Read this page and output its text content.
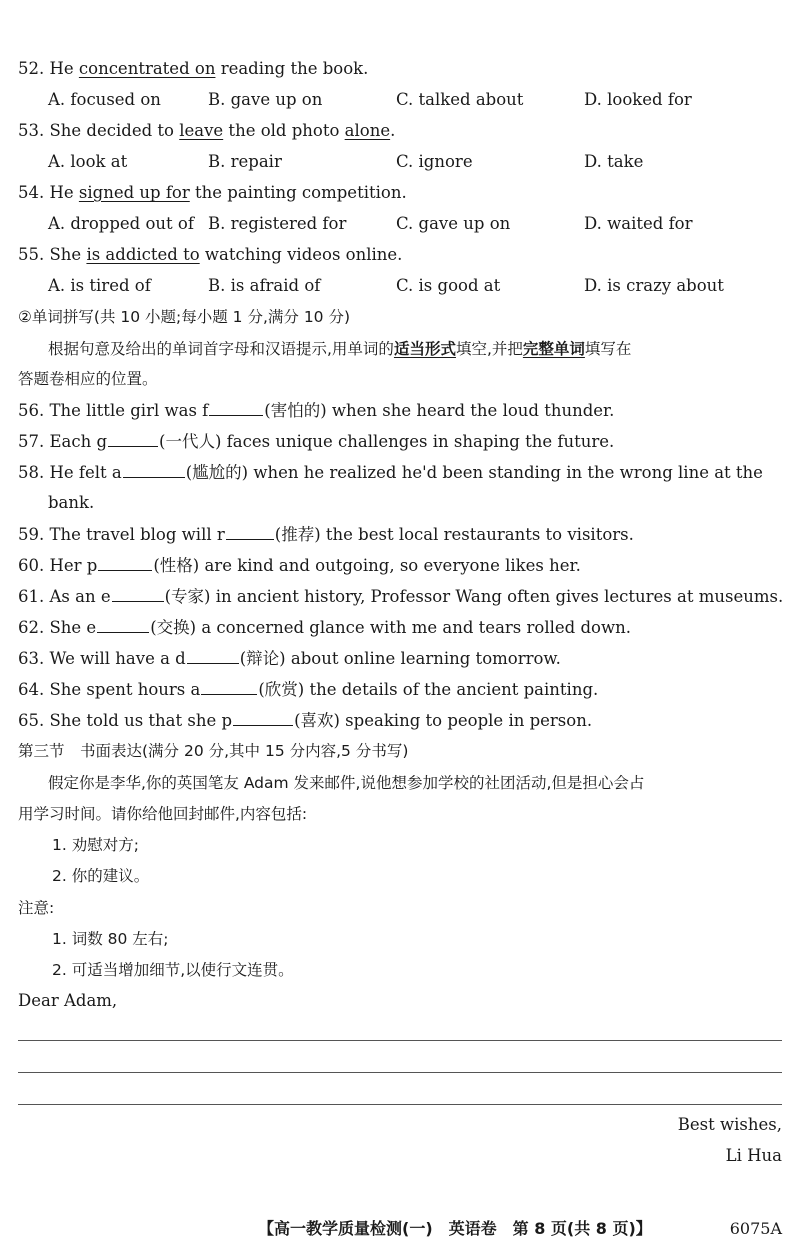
52. He concentrated on reading the book.
A. focused on	B. gave up on	C. talked about	D. looked for
53. She decided to leave the old photo alone.
A. look at	B. repair	C. ignore	D. take
54. He signed up for the painting competition.
A. dropped out of B. registered for	C. gave up on	D. waited for
55. She is addicted to watching videos online.
A. is tired of	B. is afraid of	C. is good at	D. is crazy about
②单词拼写(共 10 小题;每小题 1 分,满分 10 分)
根据句意及给出的单词首字母和汉语提示,用单词的适当形式填空,并把完整单词填写在
答题卷相应的位置。
56. The little girl was f	(害怕的) when she heard the loud thunder.
57. Each g	(一代人) faces unique challenges in shaping the future.
58. He felt a	(尴尬的) when he realized he'd been standing in the wrong line at the
bank.
59. The travel blog will r	(推荐) the best local restaurants to visitors.
60. Her p	(性格) are kind and outgoing, so everyone likes her.
61. As an e	(专家) in ancient history, Professor Wang often gives lectures at museums.
62. She e	(交换) a concerned glance with me and tears rolled down.
63. We will have a d	(辩论) about online learning tomorrow.
64. She spent hours a	(欣赏) the details of the ancient painting.
65. She told us that she p	(喜欢) speaking to people in person.
第三节　书面表达(满分 20 分,其中 15 分内容,5 分书写)
假定你是李华,你的英国笔友 Adam 发来邮件,说他想参加学校的社团活动,但是担心会占
用学习时间。请你给他回封邮件,内容包括:
1. 劝慰对方;
2. 你的建议。
注意:
1. 词数 80 左右;
2. 可适当增加细节,以使行文连贯。
Dear Adam,
Best wishes,
Li Hua
【高一教学质量检测(一)　英语卷　第 8 页(共 8 页)】	6075A
